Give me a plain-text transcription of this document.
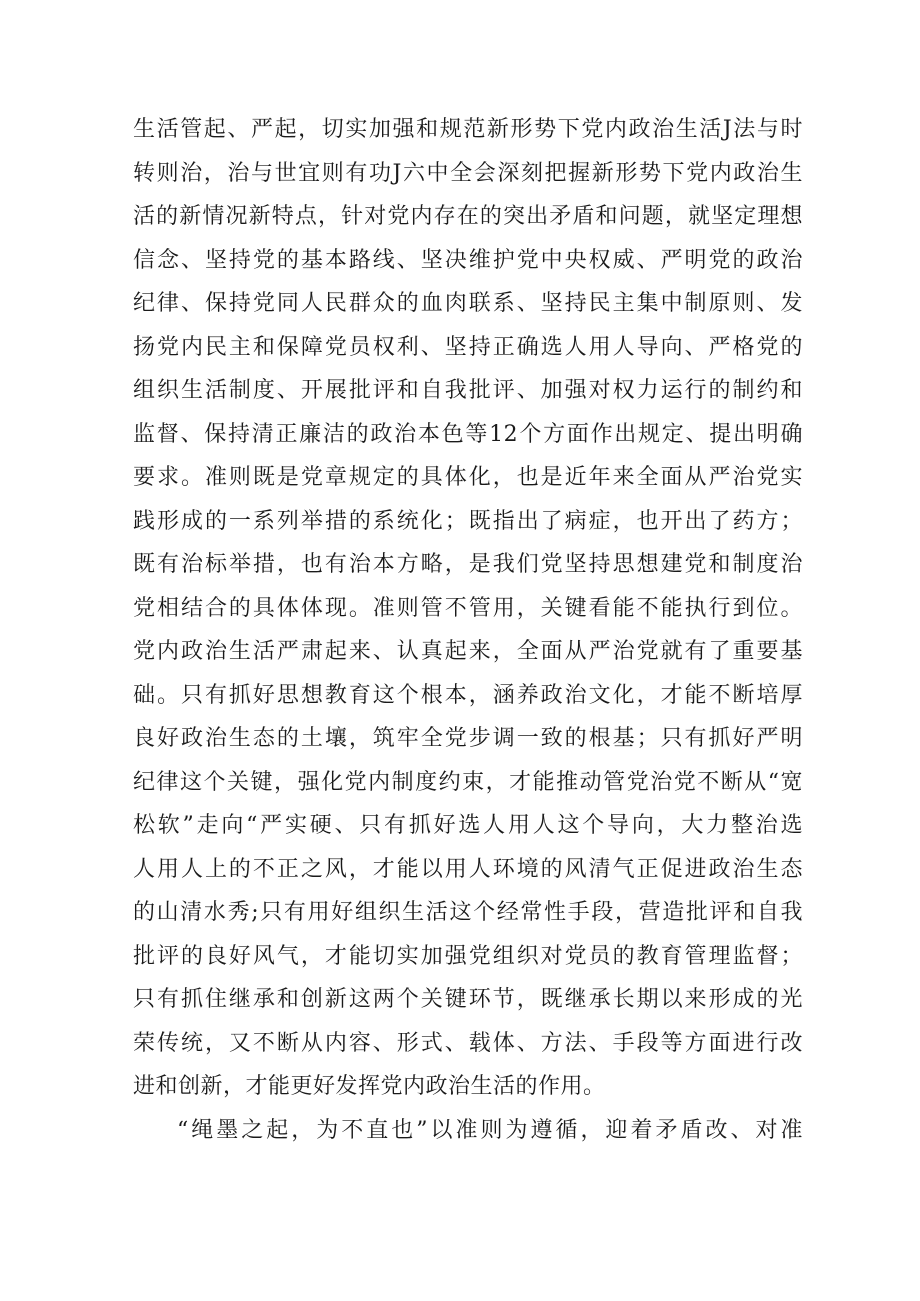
生活管起、严起，切实加强和规范新形势下党内政治生活J法与时
转则治，治与世宜则有功J六中全会深刻把握新形势下党内政治生
活的新情况新特点，针对党内存在的突出矛盾和问题，就坚定理想
信念、坚持党的基本路线、坚决维护党中央权威、严明党的政治
纪律、保持党同人民群众的血肉联系、坚持民主集中制原则、发
扬党内民主和保障党员权利、坚持正确选人用人导向、严格党的
组织生活制度、开展批评和自我批评、加强对权力运行的制约和
监督、保持清正廉洁的政治本色等12个方面作出规定、提出明确
要求。准则既是党章规定的具体化，也是近年来全面从严治党实
践形成的一系列举措的系统化；既指出了病症，也开出了药方；
既有治标举措，也有治本方略，是我们党坚持思想建党和制度治
党相结合的具体体现。准则管不管用，关键看能不能执行到位。
党内政治生活严肃起来、认真起来，全面从严治党就有了重要基
础。只有抓好思想教育这个根本，涵养政治文化，才能不断培厚
良好政治生态的土壤，筑牢全党步调一致的根基；只有抓好严明
纪律这个关键，强化党内制度约束，才能推动管党治党不断从“宽
松软”走向“严实硬、只有抓好选人用人这个导向，大力整治选
人用人上的不正之风，才能以用人环境的风清气正促进政治生态
的山清水秀;只有用好组织生活这个经常性手段，营造批评和自我
批评的良好风气，才能切实加强党组织对党员的教育管理监督；
只有抓住继承和创新这两个关键环节，既继承长期以来形成的光
荣传统，又不断从内容、形式、载体、方法、手段等方面进行改
进和创新，才能更好发挥党内政治生活的作用。
“绳墨之起，为不直也”以准则为遵循，迎着矛盾改、对准
